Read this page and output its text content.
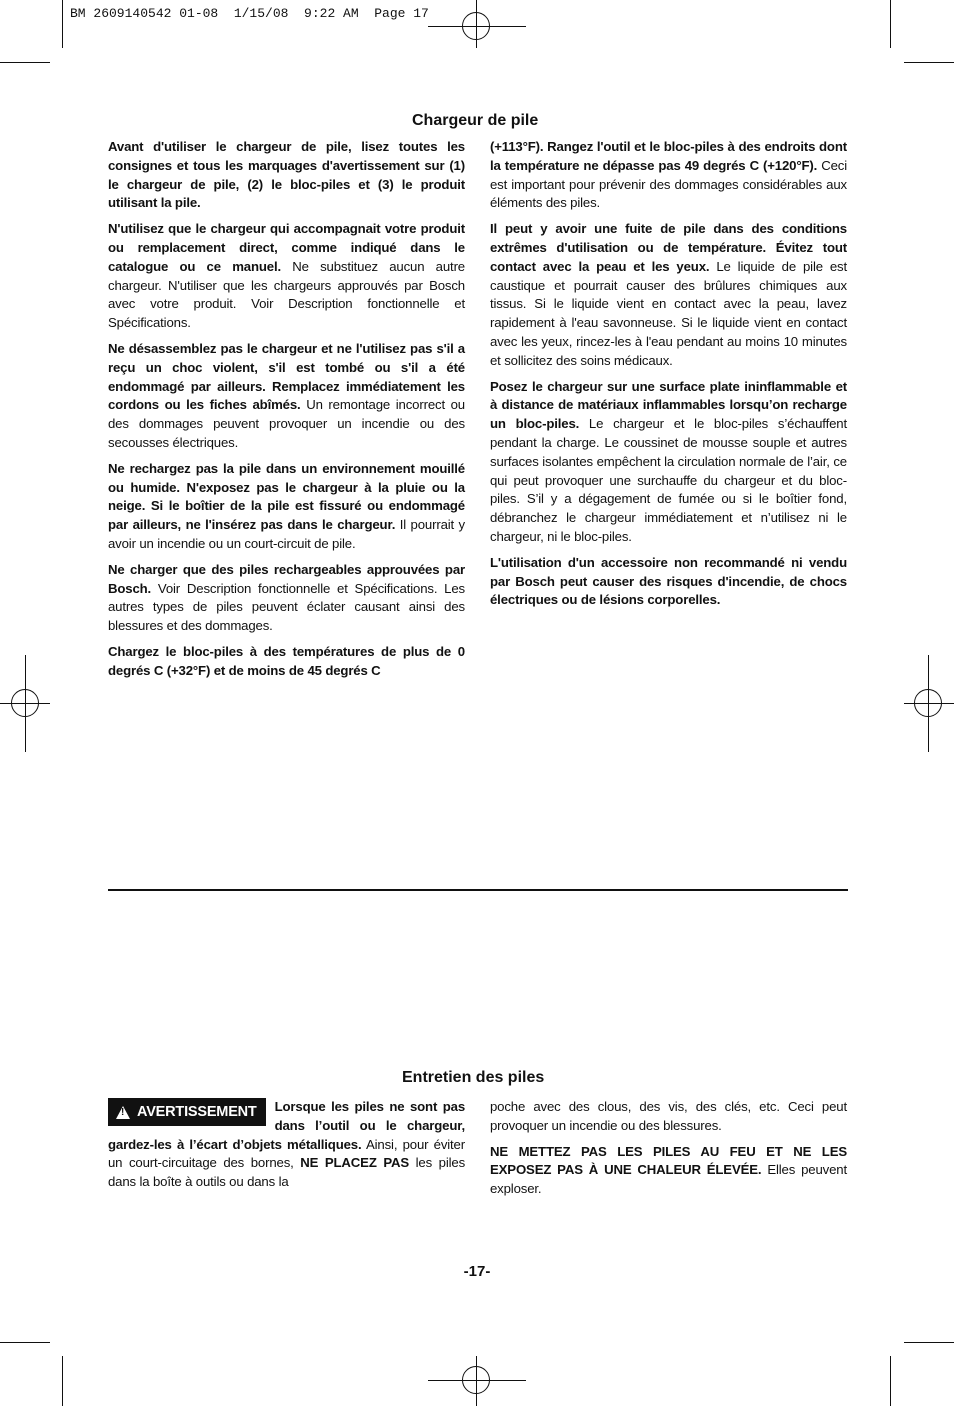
BM 2609140542 01-08  1/15/08  9:22 AM  Page 17
Chargeur de pile

Avant d'utiliser le chargeur de pile, lisez toutes les consignes et tous les marquages d'avertissement sur (1) le chargeur de pile, (2) le bloc-piles et (3) le produit utilisant la pile.

N'utilisez que le chargeur qui accompagnait votre produit ou remplacement direct, comme indiqué dans le catalogue ou ce manuel. Ne substituez aucun autre chargeur. N'utiliser que les chargeurs approuvés par Bosch avec votre produit. Voir Description fonctionnelle et Spécifications.

Ne désassemblez pas le chargeur et ne l'utilisez pas s'il a reçu un choc violent, s'il est tombé ou s'il a été endommagé par ailleurs. Remplacez immédiatement les cordons ou les fiches abîmés. Un remontage incorrect ou des dommages peuvent provoquer un incendie ou des secousses électriques.

Ne rechargez pas la pile dans un environnement mouillé ou humide. N'exposez pas le chargeur à la pluie ou la neige. Si le boîtier de la pile est fissuré ou endommagé par ailleurs, ne l'insérez pas dans le chargeur. Il pourrait y avoir un incendie ou un court-circuit de pile.

Ne charger que des piles rechargeables approuvées par Bosch. Voir Description fonctionnelle et Spécifications. Les autres types de piles peuvent éclater causant ainsi des blessures et des dommages.

Chargez le bloc-piles à des températures de plus de 0 degrés C (+32°F) et de moins de 45 degrés C

(+113°F). Rangez l'outil et le bloc-piles à des endroits dont la température ne dépasse pas 49 degrés C (+120°F). Ceci est important pour prévenir des dommages considérables aux éléments des piles.

Il peut y avoir une fuite de pile dans des conditions extrêmes d'utilisation ou de température. Évitez tout contact avec la peau et les yeux. Le liquide de pile est caustique et pourrait causer des brûlures chimiques aux tissus. Si le liquide vient en contact avec la peau, lavez rapidement à l'eau savonneuse. Si le liquide vient en contact avec les yeux, rincez-les à l'eau pendant au moins 10 minutes et sollicitez des soins médicaux.

Posez le chargeur sur une surface plate ininflammable et à distance de matériaux inflammables lorsqu’on recharge un bloc-piles. Le chargeur et le bloc-piles s’échauffent pendant la charge. Le coussinet de mousse souple et autres surfaces isolantes empêchent la circulation normale de l’air, ce qui peut provoquer une surchauffe du chargeur et du bloc-piles. S’il y a dégagement de fumée ou si le boîtier fond, débranchez le chargeur immédiatement et n’utilisez ni le chargeur, ni le bloc-piles.

L'utilisation d'un accessoire non recommandé ni vendu par Bosch peut causer des risques d'incendie, de chocs électriques ou de lésions corporelles.

Entretien des piles
! AVERTISSEMENT	Lorsque les piles ne sont pas dans l’outil ou le chargeur, gardez-les à l’écart d’objets métalliques. Ainsi, pour éviter un court-circuitage des bornes, NE PLACEZ PAS les piles dans la boîte à outils ou dans la

poche avec des clous, des vis, des clés, etc. Ceci peut provoquer un incendie ou des blessures.

NE METTEZ PAS LES PILES AU FEU ET NE LES EXPOSEZ PAS À UNE CHALEUR ÉLEVÉE. Elles peuvent exploser.

-17-
